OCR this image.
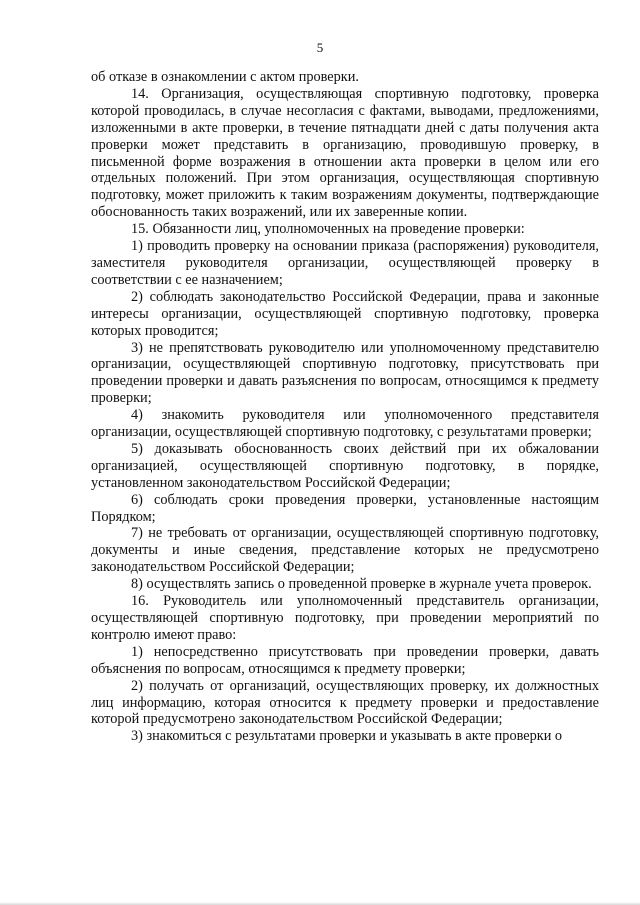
5

об отказе в ознакомлении с актом проверки.

14. Организация, осуществляющая спортивную подготовку, проверка которой проводилась, в случае несогласия с фактами, выводами, предложениями, изложенными в акте проверки, в течение пятнадцати дней с даты получения акта проверки может представить в организацию, проводившую проверку, в письменной форме возражения в отношении акта проверки в целом или его отдельных положений. При этом организация, осуществляющая спортивную подготовку, может приложить к таким возражениям документы, подтверждающие обоснованность таких возражений, или их заверенные копии.

15. Обязанности лиц, уполномоченных на проведение проверки:

1) проводить проверку на основании приказа (распоряжения) руководителя, заместителя руководителя организации, осуществляющей проверку в соответствии с ее назначением;

2) соблюдать законодательство Российской Федерации, права и законные интересы организации, осуществляющей спортивную подготовку, проверка которых проводится;

3) не препятствовать руководителю или уполномоченному представителю организации, осуществляющей спортивную подготовку, присутствовать при проведении проверки и давать разъяснения по вопросам, относящимся к предмету проверки;

4) знакомить руководителя или уполномоченного представителя организации, осуществляющей спортивную подготовку, с результатами проверки;

5) доказывать обоснованность своих действий при их обжаловании организацией, осуществляющей спортивную подготовку, в порядке, установленном законодательством Российской Федерации;

6) соблюдать сроки проведения проверки, установленные настоящим Порядком;

7) не требовать от организации, осуществляющей спортивную подготовку, документы и иные сведения, представление которых не предусмотрено законодательством Российской Федерации;

8) осуществлять запись о проведенной проверке в журнале учета проверок.

16. Руководитель или уполномоченный представитель организации, осуществляющей спортивную подготовку, при проведении мероприятий по контролю имеют право:

1) непосредственно присутствовать при проведении проверки, давать объяснения по вопросам, относящимся к предмету проверки;

2) получать от организаций, осуществляющих проверку, их должностных лиц информацию, которая относится к предмету проверки и предоставление которой предусмотрено законодательством Российской Федерации;

3) знакомиться с результатами проверки и указывать в акте проверки о
